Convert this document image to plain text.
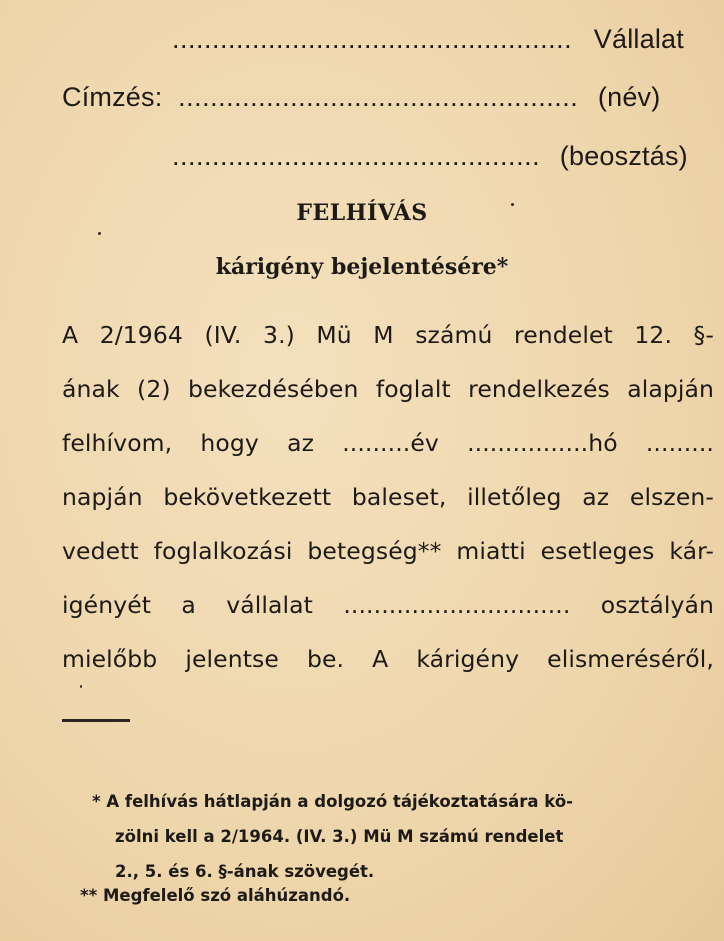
.................................................. Vállalat
Címzés: .................................................. (név)
.............................................. (beosztás)
FELHÍVÁS
kárigény bejelentésére*

A 2/1964 (IV. 3.) Mü M számú rendelet 12. §-

ának (2) bekezdésében foglalt rendelkezés alapján

felhívom, hogy az .........év ................hó .........

napján bekövetkezett baleset, illetőleg az elszen-

vedett foglalkozási betegség** miatti esetleges kár-

igényét a vállalat .............................. osztályán

mielőbb jelentse be. A kárigény elismeréséről,

* A felhívás hátlapján a dolgozó tájékoztatására kö-

zölni kell a 2/1964. (IV. 3.) Mü M számú rendelet

2., 5. és 6. §-ának szövegét.

** Megfelelő szó aláhúzandó.
